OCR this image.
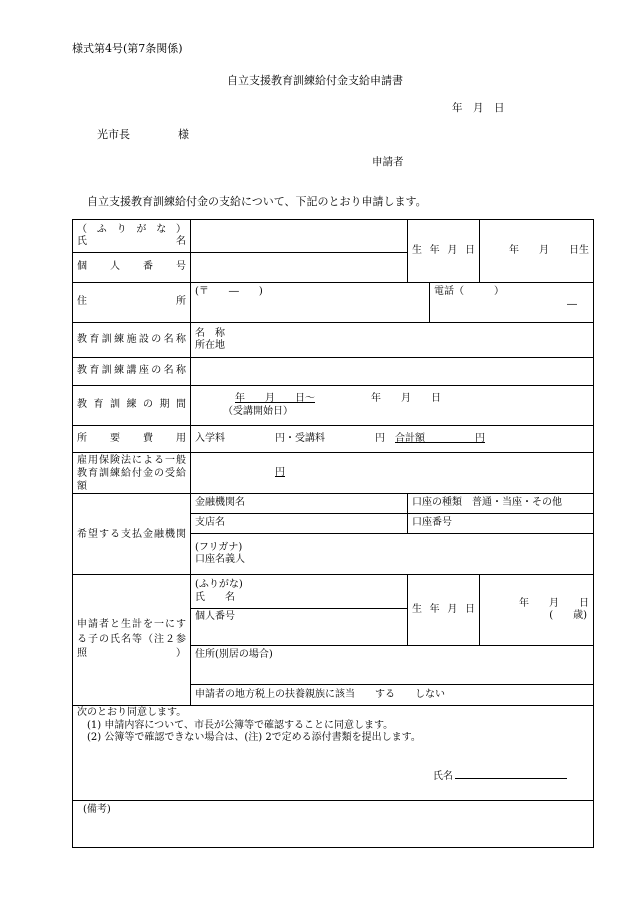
様式第4号(第7条関係)
自立支援教育訓練給付金支給申請書
年　月　日
光市長	様
申請者
自立支援教育訓練給付金の支給について、下記のとおり申請します。
（ふりがな）
氏　　名		生年月日		年　　月　　日生
個人番号				
住　所	(〒　　―　　)		電話（　　　）
―	

教育訓練施設の名称	名　称
所在地			

教育訓練講座の名称				
教育訓練の期間	年　　月　　日～ 年　　月　　日
（受講開始日）			

所要費用	入学料　　　　　円・受講料　　　　　円　 合計額　　　　　円			
雇用保険法による一般教育訓練給付金の受給額	円			
希望する支払金融機関	金融機関名	口座の種類　普通・当座・その他		
	支店名	口座番号		

	(フリガナ)
口座名義人			

申請者と生計を一にする子の氏名等（注２参照）	(ふりがな)
氏　　名
個人番号	生年月日		年　　月　　日
(　　歳)

	住所(別居の場合)			
	申請者の地方税上の扶養親族に該当　　する　　しない			

次のとおり同意します。
(1) 申請内容について、市長が公簿等で確認することに同意します。
(2) 公簿等で確認できない場合は、(注) 2で定める添付書類を提出します。
氏名				

(備考)				
